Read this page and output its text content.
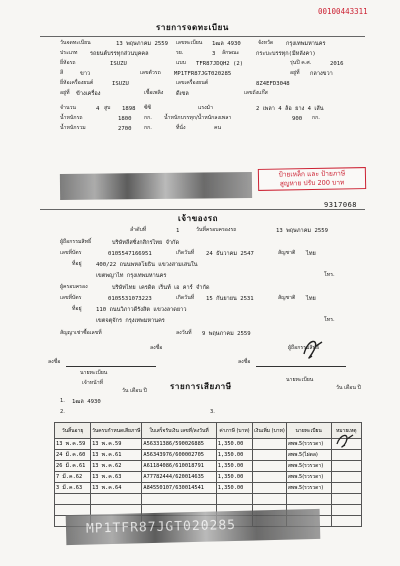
00100443311
รายการจดทะเบียน
วันจดทะเบียน	13 พฤษภาคม 2559 เลขทะเบียน 1ฒล 4930	จังหวัด กรุงเทพมหานคร
ประเภท รถยนต์บรรทุกส่วนบุคคล	รย.	3 ลักษณะ	กระบะบรรทุก(มีหลังคา)
ยี่ห้อรถ	ISUZU	แบบ TFR87JDQH2 (2)	รุ่นปี ค.ศ.	2016
สี	ขาว	เลขตัวรถ MP1TFR87JGT020285	อยู่ที่ กลางขวา
ยี่ห้อเครื่องยนต์	ISUZU	เลขเครื่องยนต์	8Z4EFD3048
อยู่ที่ ข้างเครื่อง	เชื้อเพลิง ดีเซล	เลขถังแก๊ส
จำนวน	4 สูบ 1898 ซีซี	แรงม้า	2 เพลา 4 ล้อ ยาง 4 เส้น
น้ำหนักรถ	1800 กก. น้ำหนักบรรทุก/น้ำหนักลงเพลา	900 กก.
น้ำหนักรวม	2700 กก.	ที่นั่ง	คน
ป้ายเหล็ก และ ป้ายภาษี
สูญหาย ปรับ 200 บาท
9317068
เจ้าของรถ
ลำดับที่	1	วันที่ครอบครองรถ	13 พฤษภาคม 2559
ผู้ถือกรรมสิทธิ์	บริษัทลีสซิ่งกสิกรไทย จำกัด
เลขที่บัตร	0105547166951	เกิดวันที่ 24 ธันวาคม 2547	สัญชาติ ไทย
ที่อยู่	400/22 ถนนพหลโยธิน แขวงสามเสนใน
เขตพญาไท กรุงเทพมหานคร	โทร.
ผู้ครอบครอง	บริษัทไทย เครดิต เร็นท์ เอ คาร์ จำกัด
เลขที่บัตร	0105531073223	เกิดวันที่ 15 กันยายน 2531	สัญชาติ ไทย
ที่อยู่	110 ถนนวิภาวดีรังสิต แขวงลาดยาว
เขตจตุจักร กรุงเทพมหานคร	โทร.
สัญญาเช่าซื้อเลขที่	ลงวันที่ 9 พฤษภาคม 2559
ลงชื่อ	ผู้ถือกรรมสิทธิ์
ลงชื่อ	ลงชื่อ
นายทะเบียน
เจ้าหน้าที่
วัน เดือน ปี
นายทะเบียน
วัน เดือน ปี
รายการเสียภาษี
1. 1ฒล 4930
2.	3.
วันสิ้นอายุ	วันครบกำหนดเสียภาษี	ใบเสร็จรับเงิน เลขที่/ลงวันที่	ค่าภาษี (บาท)	เงินเพิ่ม (บาท)	นายทะเบียน	หมายเหตุ
13 พ.ค.59	13 พ.ค.59	A56331386/590026885	1,350.00		สพพ.5(รวรวดา)	
24 มี.ค.60	13 พ.ค.61	A56343976/600002705	1,350.00		สพพ.5(ไผ่ดล)	
26 มี.ค.61	13 พ.ค.62	A61184086/610018791	1,350.00		สพพ.5(รวรวดา)	
7 มี.ค.62	13 พ.ค.63	A77782444/620014635	1,350.00		สพพ.5(รวรวดา)	
3 มี.ค.63	13 พ.ค.64	A84550107/630014541	1,350.00		สพพ.5(รวรวดา)	

MP1TFR87JGT020285
